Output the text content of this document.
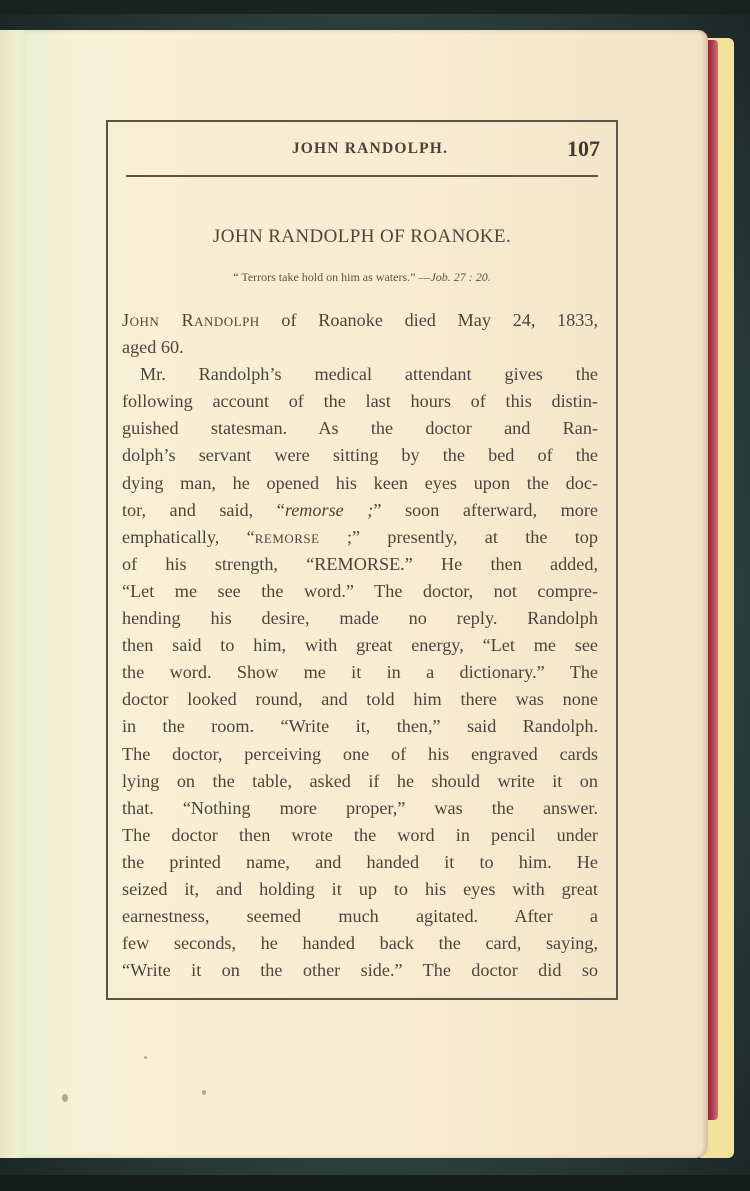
JOHN RANDOLPH.	107
JOHN RANDOLPH OF ROANOKE.
“ Terrors take hold on him as waters.” —Job. 27 : 20.
John Randolph of Roanoke died May 24, 1833,
aged 60.
Mr. Randolph’s medical attendant gives the
following account of the last hours of this distin-
guished statesman. As the doctor and Ran-
dolph’s servant were sitting by the bed of the
dying man, he opened his keen eyes upon the doc-
tor, and said, “remorse ;” soon afterward, more
emphatically, “remorse ;” presently, at the top
of his strength, “REMORSE.” He then added,
“Let me see the word.” The doctor, not compre-
hending his desire, made no reply. Randolph
then said to him, with great energy, “Let me see
the word. Show me it in a dictionary.” The
doctor looked round, and told him there was none
in the room. “Write it, then,” said Randolph.
The doctor, perceiving one of his engraved cards
lying on the table, asked if he should write it on
that. “Nothing more proper,” was the answer.
The doctor then wrote the word in pencil under
the printed name, and handed it to him. He
seized it, and holding it up to his eyes with great
earnestness, seemed much agitated. After a
few seconds, he handed back the card, saying,
“Write it on the other side.” The doctor did so
